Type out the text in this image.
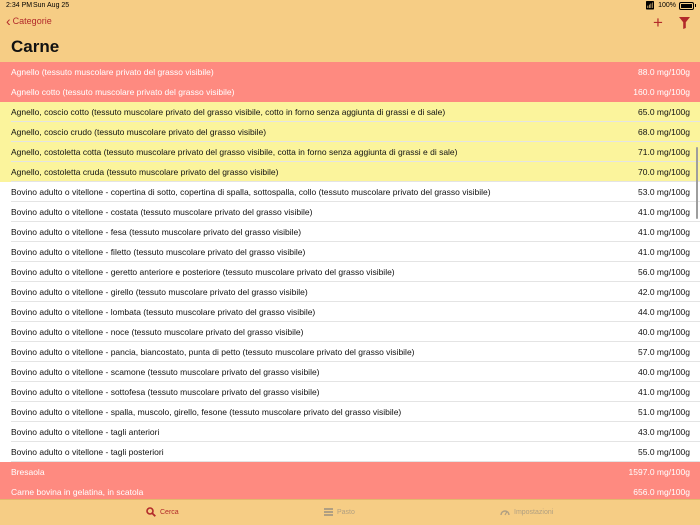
2:34 PM Sun Aug 25	📶︎ 100%
‹ Categorie	+
Carne
Agnello (tessuto muscolare privato del grasso visibile)	88.0 mg/100g
Agnello cotto (tessuto muscolare privato del grasso visibile)	160.0 mg/100g
Agnello, coscio cotto (tessuto muscolare privato del grasso visibile, cotto in forno senza aggiunta di grassi e di sale)	65.0 mg/100g
Agnello, coscio crudo (tessuto muscolare privato del grasso visibile)	68.0 mg/100g
Agnello, costoletta cotta (tessuto muscolare privato del grasso visibile, cotta in forno senza aggiunta di grassi e di sale)	71.0 mg/100g
Agnello, costoletta cruda (tessuto muscolare privato del grasso visibile)	70.0 mg/100g
Bovino adulto o vitellone - copertina di sotto, copertina di spalla, sottospalla, collo (tessuto muscolare privato del grasso visibile)	53.0 mg/100g
Bovino adulto o vitellone - costata (tessuto muscolare privato del grasso visibile)	41.0 mg/100g
Bovino adulto o vitellone - fesa (tessuto muscolare privato del grasso visibile)	41.0 mg/100g
Bovino adulto o vitellone - filetto (tessuto muscolare privato del grasso visibile)	41.0 mg/100g
Bovino adulto o vitellone - geretto anteriore e posteriore (tessuto muscolare privato del grasso visibile)	56.0 mg/100g
Bovino adulto o vitellone - girello (tessuto muscolare privato del grasso visibile)	42.0 mg/100g
Bovino adulto o vitellone - lombata (tessuto muscolare privato del grasso visibile)	44.0 mg/100g
Bovino adulto o vitellone - noce (tessuto muscolare privato del grasso visibile)	40.0 mg/100g
Bovino adulto o vitellone - pancia, biancostato, punta di petto (tessuto muscolare privato del grasso visibile)	57.0 mg/100g
Bovino adulto o vitellone - scamone (tessuto muscolare privato del grasso visibile)	40.0 mg/100g
Bovino adulto o vitellone - sottofesa (tessuto muscolare privato del grasso visibile)	41.0 mg/100g
Bovino adulto o vitellone - spalla, muscolo, girello, fesone (tessuto muscolare privato del grasso visibile)	51.0 mg/100g
Bovino adulto o vitellone - tagli anteriori	43.0 mg/100g
Bovino adulto o vitellone - tagli posteriori	55.0 mg/100g
Bresaola	1597.0 mg/100g
Carne bovina in gelatina, in scatola	656.0 mg/100g
Cerca	Pasto	Impostazioni
